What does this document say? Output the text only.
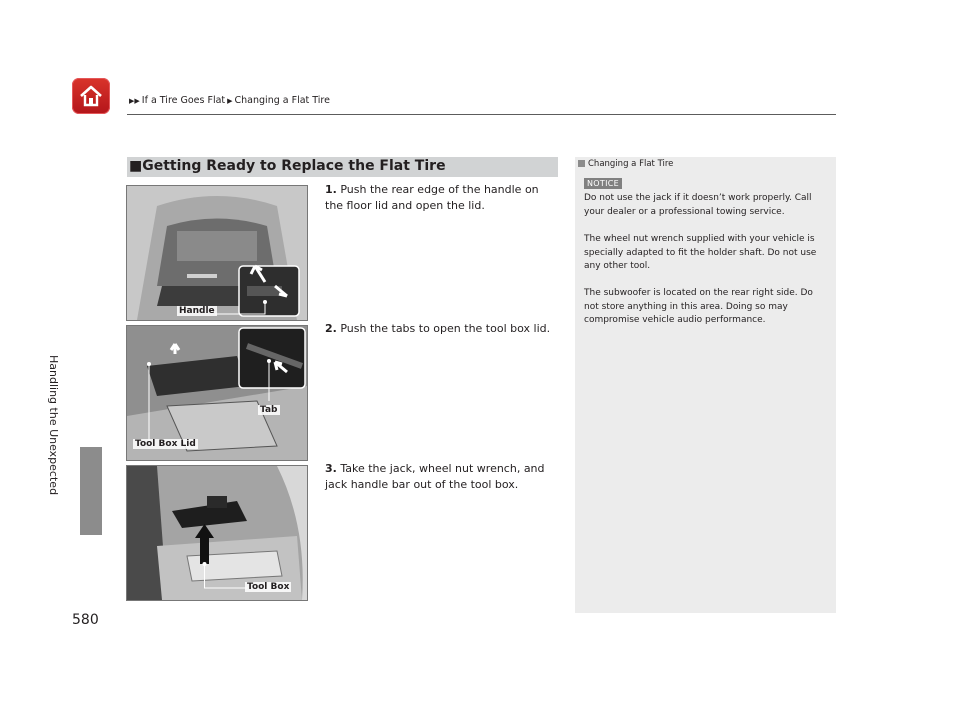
▶▶ If a Tire Goes Flat ▶ Changing a Flat Tire
Handling the Unexpected
580
■Getting Ready to Replace the Flat Tire
Handle
Tab
Tool Box Lid
Tool Box
1. Push the rear edge of the handle on the floor lid and open the lid.
2. Push the tabs to open the tool box lid.
3. Take the jack, wheel nut wrench, and jack handle bar out of the tool box.
Changing a Flat Tire
NOTICE
Do not use the jack if it doesn’t work properly. Call your dealer or a professional towing service.
The wheel nut wrench supplied with your vehicle is specially adapted to fit the holder shaft. Do not use any other tool.
The subwoofer is located on the rear right side. Do not store anything in this area. Doing so may compromise vehicle audio performance.
